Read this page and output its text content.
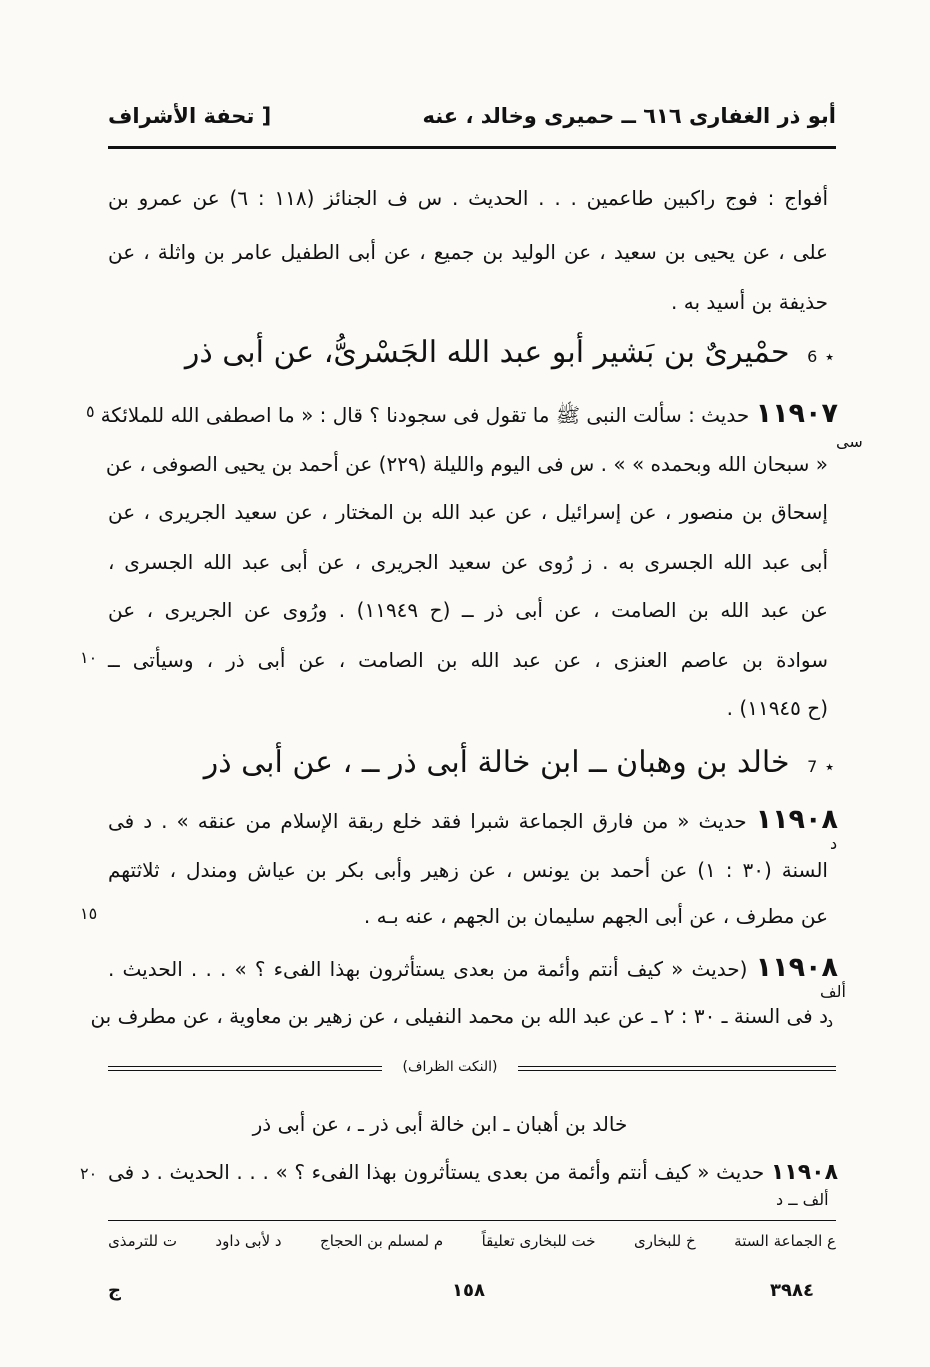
أبو ذر الغفارى ٦١٦ ــ حميرى وخالد ، عنه
[ تحفة الأشراف
أفواج : فوج راكبين طاعمين . . . الحديث . س ف الجنائز (١١٨ : ٦) عن عمرو بن
على ، عن يحيى بن سعيد ، عن الوليد بن جميع ، عن أبى الطفيل عامر بن واثلة ، عن
حذيفة بن أسيد به .
٭6 حمْيرىٌ بن بَشير أبو عبد الله الجَسْرىُّ، عن أبى ذر
١١٩٠٧ حديث : سألت النبى ﷺ ما تقول فى سجودنا ؟ قال : « ما اصطفى الله للملائكة
« سبحان الله وبحمده » » . س فى اليوم والليلة (٢٢٩) عن أحمد بن يحيى الصوفى ، عن
إسحاق بن منصور ، عن إسرائيل ، عن عبد الله بن المختار ، عن سعيد الجريرى ، عن
أبى عبد الله الجسرى به . ز رُوى عن سعيد الجريرى ، عن أبى عبد الله الجسرى ،
عن عبد الله بن الصامت ، عن أبى ذر ــ (ح ١١٩٤٩) . ورُوى عن الجريرى ، عن
سوادة بن عاصم العنزى ، عن عبد الله بن الصامت ، عن أبى ذر ، وسيأتى ــ
(ح ١١٩٤٥) .
٭7 خالد بن وهبان ــ ابن خالة أبى ذر ــ ، عن أبى ذر
١١٩٠٨ حديث « من فارق الجماعة شبرا فقد خلع ربقة الإسلام من عنقه » . د فى
السنة (٣٠ : ١) عن أحمد بن يونس ، عن زهير وأبى بكر بن عياش ومندل ، ثلاثتهم
عن مطرف ، عن أبى الجهم سليمان بن الجهم ، عنه بـه .
١١٩٠٨ (حديث « كيف أنتم وأئمة من بعدى يستأثرون بهذا الفىء ؟ » . . . الحديث .
د فى السنة ـ ٣٠ : ٢ ـ عن عبد الله بن محمد النفيلى ، عن زهير بن معاوية ، عن مطرف بن
٥
سى
١٠
د
١٥
ألف
د
٢٠
(النكت الظراف)
خالد بن أهبان ـ ابن خالة أبى ذر ـ ، عن أبى ذر
١١٩٠٨ حديث « كيف أنتم وأئمة من بعدى يستأثرون بهذا الفىء ؟ » . . . الحديث . د فى
ألف ــ د
ع الجماعة الستة
خ للبخارى
خت للبخارى تعليقاً
م لمسلم بن الحجاج
د لأبى داود
ت للترمذى
٣٩٨٤
١٥٨
ج
